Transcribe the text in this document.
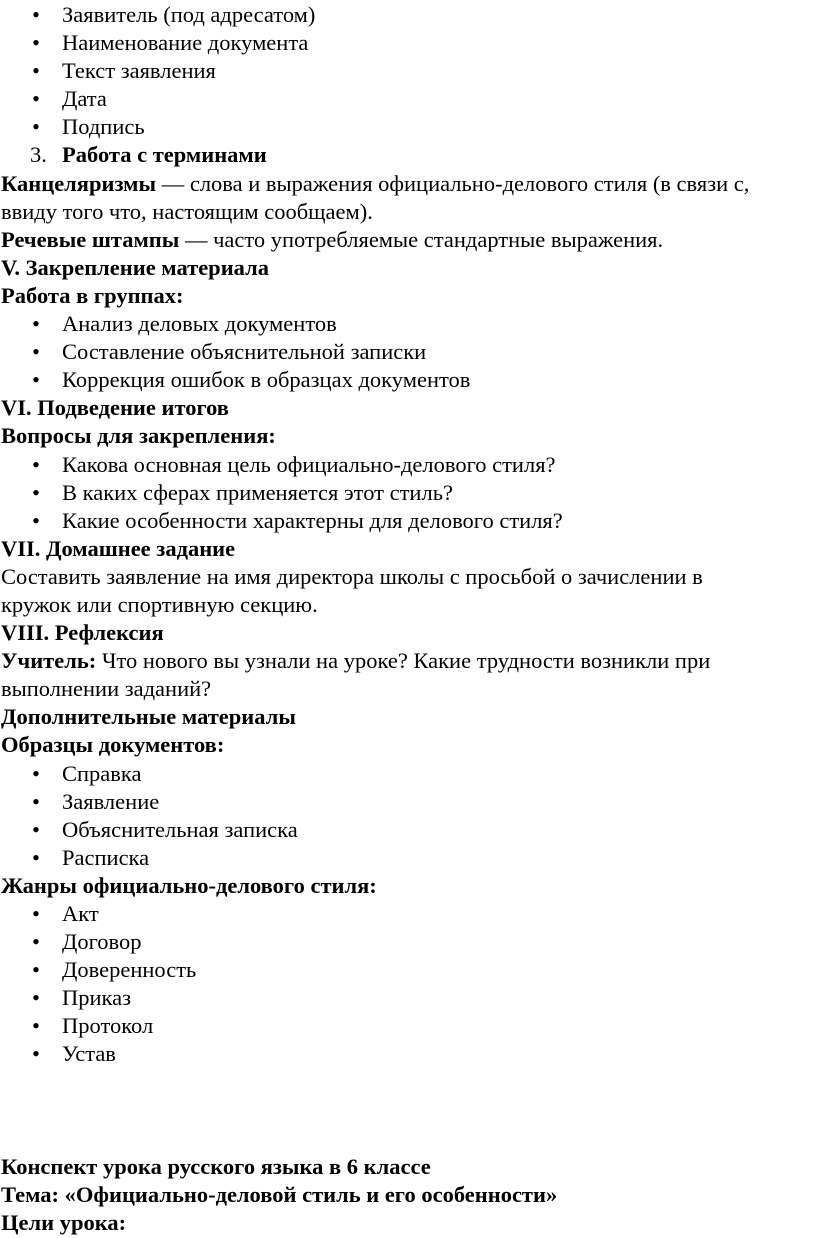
• Заявитель (под адресатом)
• Наименование документа
• Текст заявления
• Дата
• Подпись
3. Работа с терминами
Канцеляризмы — слова и выражения официально-делового стиля (в связи с,
ввиду того что, настоящим сообщаем).
Речевые штампы — часто употребляемые стандартные выражения.
V. Закрепление материала
Работа в группах:
• Анализ деловых документов
• Составление объяснительной записки
• Коррекция ошибок в образцах документов
VI. Подведение итогов
Вопросы для закрепления:
• Какова основная цель официально-делового стиля?
• В каких сферах применяется этот стиль?
• Какие особенности характерны для делового стиля?
VII. Домашнее задание
Составить заявление на имя директора школы с просьбой о зачислении в
кружок или спортивную секцию.
VIII. Рефлексия
Учитель: Что нового вы узнали на уроке? Какие трудности возникли при
выполнении заданий?
Дополнительные материалы
Образцы документов:
• Справка
• Заявление
• Объяснительная записка
• Расписка
Жанры официально-делового стиля:
• Акт
• Договор
• Доверенность
• Приказ
• Протокол
• Устав
Конспект урока русского языка в 6 классе
Тема: «Официально-деловой стиль и его особенности»
Цели урока:
